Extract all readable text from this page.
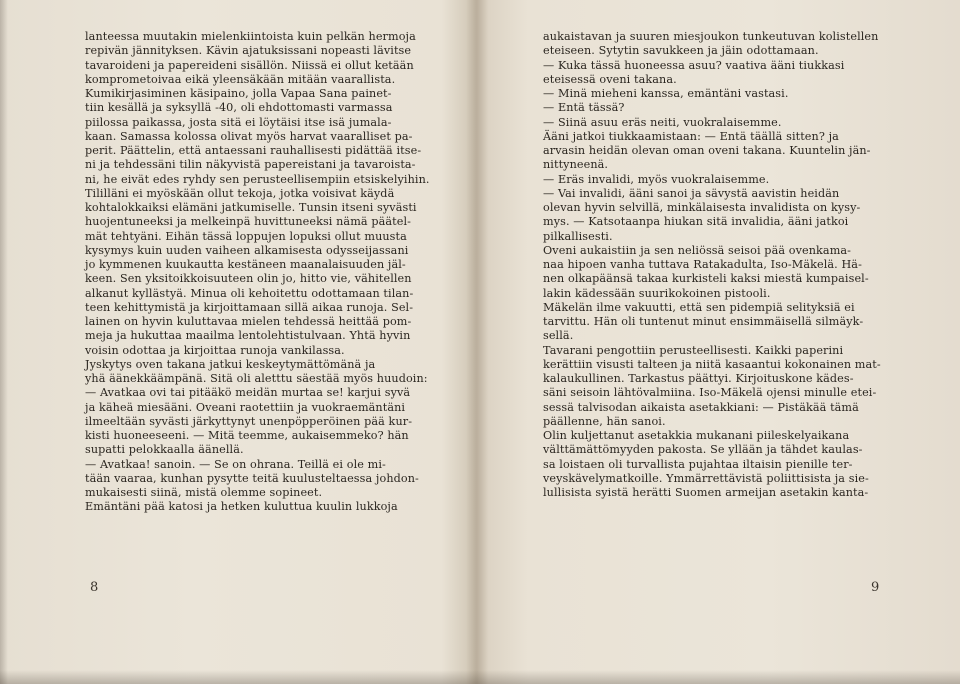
lanteessa muutakin mielenkiintoista kuin pelkän hermoja

repivän jännityksen. Kävin ajatuksissani nopeasti lävitse

tavaroideni ja papereideni sisällön. Niissä ei ollut ketään

komprometoivaa eikä yleensäkään mitään vaarallista.

Kumikirjasiminen käsipaino, jolla Vapaa Sana painet-

tiin kesällä ja syksyllä -40, oli ehdottomasti varmassa

piilossa paikassa, josta sitä ei löytäisi itse isä jumala-

kaan. Samassa kolossa olivat myös harvat vaaralliset pa-

perit. Päättelin, että antaessani rauhallisesti pidättää itse-

ni ja tehdessäni tilin näkyvistä papereistani ja tavaroista-

ni, he eivät edes ryhdy sen perusteellisempiin etsiskelyihin.

Tililläni ei myöskään ollut tekoja, jotka voisivat käydä

kohtalokkaiksi elämäni jatkumiselle. Tunsin itseni syvästi

huojentuneeksi ja melkeinpä huvittuneeksi nämä päätel-

mät tehtyäni. Eihän tässä loppujen lopuksi ollut muusta

kysymys kuin uuden vaiheen alkamisesta odysseijassani

jo kymmenen kuukautta kestäneen maanalaisuuden jäl-

keen. Sen yksitoikkoisuuteen olin jo, hitto vie, vähitellen

alkanut kyllästyä. Minua oli kehoitettu odottamaan tilan-

teen kehittymistä ja kirjoittamaan sillä aikaa runoja. Sel-

lainen on hyvin kuluttavaa mielen tehdessä heittää pom-

meja ja hukuttaa maailma lentolehtistulvaan. Yhtä hyvin

voisin odottaa ja kirjoittaa runoja vankilassa.

Jyskytys oven takana jatkui keskeytymättömänä ja

yhä äänekkäämpänä. Sitä oli aletttu säestää myös huudoin:

— Avatkaa ovi tai pitääkö meidän murtaa se! karjui syvä

ja käheä miesääni. Oveani raotettiin ja vuokraemäntäni

ilmeeltään syvästi järkyttynyt unenpöpperöinen pää kur-

kisti huoneeseeni. — Mitä teemme, aukaisemmeko? hän

supatti pelokkaalla äänellä.

— Avatkaa! sanoin. — Se on ohrana. Teillä ei ole mi-

tään vaaraa, kunhan pysytte teitä kuulusteltaessa johdon-

mukaisesti siinä, mistä olemme sopineet.

Emäntäni pää katosi ja hetken kuluttua kuulin lukkoja

8

aukaistavan ja suuren miesjoukon tunkeutuvan kolistellen

eteiseen. Sytytin savukkeen ja jäin odottamaan.

— Kuka tässä huoneessa asuu? vaativa ääni tiukkasi

eteisessä oveni takana.

— Minä mieheni kanssa, emäntäni vastasi.

— Entä tässä?

— Siinä asuu eräs neiti, vuokralaisemme.

Ääni jatkoi tiukkaamistaan: — Entä täällä sitten? ja

arvasin heidän olevan oman oveni takana. Kuuntelin jän-

nittyneenä.

— Eräs invalidi, myös vuokralaisemme.

— Vai invalidi, ääni sanoi ja sävystä aavistin heidän

olevan hyvin selvillä, minkälaisesta invalidista on kysy-

mys. — Katsotaanpa hiukan sitä invalidia, ääni jatkoi

pilkallisesti.

Oveni aukaistiin ja sen neliössä seisoi pää ovenkama-

naa hipoen vanha tuttava Ratakadulta, Iso-Mäkelä. Hä-

nen olkapäänsä takaa kurkisteli kaksi miestä kumpaisel-

lakin kädessään suurikokoinen pistooli.

Mäkelän ilme vakuutti, että sen pidempiä selityksiä ei

tarvittu. Hän oli tuntenut minut ensimmäisellä silmäyk-

sellä.

Tavarani pengottiin perusteellisesti. Kaikki paperini

kerättiin visusti talteen ja niitä kasaantui kokonainen mat-

kalaukullinen. Tarkastus päättyi. Kirjoituskone kädes-

säni seisoin lähtövalmiina. Iso-Mäkelä ojensi minulle etei-

sessä talvisodan aikaista asetakkiani: — Pistäkää tämä

päällenne, hän sanoi.

Olin kuljettanut asetakkia mukanani piileskelyaikana

välttämättömyyden pakosta. Se yllään ja tähdet kaulas-

sa loistaen oli turvallista pujahtaa iltaisin pienille ter-

veyskävelymatkoille. Ymmärrettävistä poliittisista ja sie-

lullisista syistä herätti Suomen armeijan asetakin kanta-

9
